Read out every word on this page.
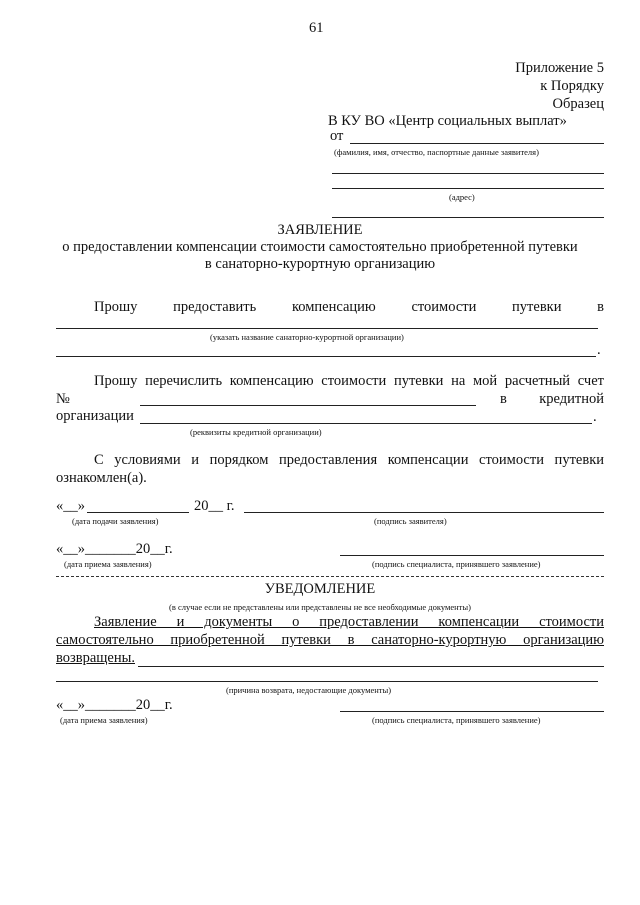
61
Приложение 5
к Порядку
Образец
В КУ ВО «Центр социальных выплат»
от
(фамилия, имя, отчество, паспортные данные заявителя)
(адрес)
ЗАЯВЛЕНИЕ
о предоставлении компенсации стоимости самостоятельно приобретенной путевки
в санаторно-курортную организацию
Прошу предоставить компенсацию стоимости путевки в
(указать название санаторно-курортной организации)
.
Прошу перечислить компенсацию стоимости путевки на мой расчетный счет
№	в кредитной
организации	.
(реквизиты кредитной организации)
С условиями и порядком предоставления компенсации стоимости путевки
ознакомлен(а).
«__»	20__ г.
(дата подачи заявления)	(подпись заявителя)
«__»_______20__г.
(дата приема заявления)	(подпись специалиста, принявшего заявление)
УВЕДОМЛЕНИЕ
(в случае если не представлены или представлены не все необходимые документы)
Заявление и документы о предоставлении компенсации стоимости
самостоятельно приобретенной путевки в санаторно-курортную организацию
возвращены.
(причина возврата, недостающие документы)
«__»_______20__г.
(дата приема заявления)	(подпись специалиста, принявшего заявление)
